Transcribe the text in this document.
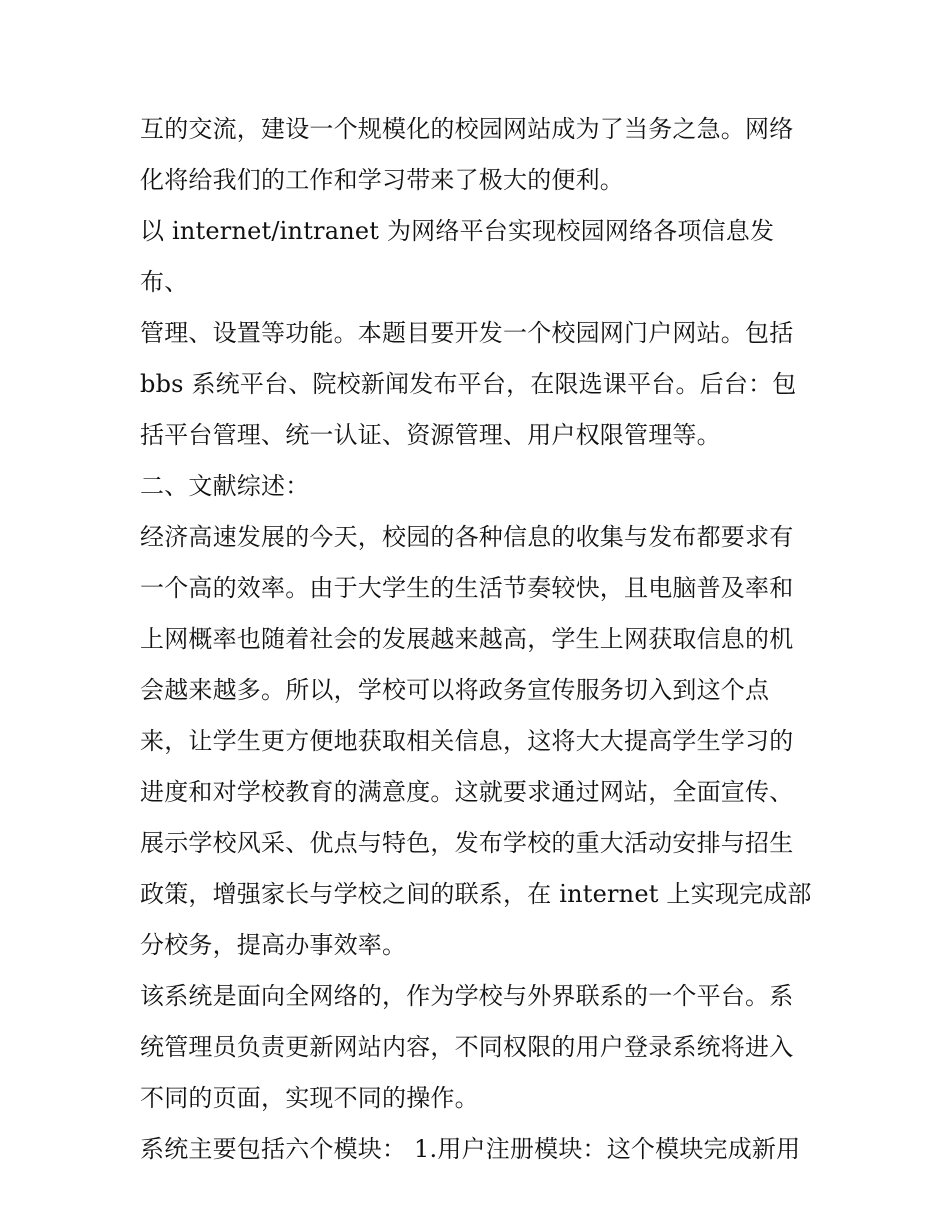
互的交流，建设一个规模化的校园网站成为了当务之急。网络
化将给我们的工作和学习带来了极大的便利。

以 internet/intranet 为网络平台实现校园网络各项信息发布、
管理、设置等功能。本题目要开发一个校园网门户网站。包括
bbs 系统平台、院校新闻发布平台，在限选课平台。后台：包
括平台管理、统一认证、资源管理、用户权限管理等。

二、文献综述：

经济高速发展的今天，校园的各种信息的收集与发布都要求有
一个高的效率。由于大学生的生活节奏较快，且电脑普及率和
上网概率也随着社会的发展越来越高，学生上网获取信息的机
会越来越多。所以，学校可以将政务宣传服务切入到这个点
来，让学生更方便地获取相关信息，这将大大提高学生学习的
进度和对学校教育的满意度。这就要求通过网站，全面宣传、
展示学校风采、优点与特色，发布学校的重大活动安排与招生
政策，增强家长与学校之间的联系，在 internet 上实现完成部
分校务，提高办事效率。

该系统是面向全网络的，作为学校与外界联系的一个平台。系
统管理员负责更新网站内容，不同权限的用户登录系统将进入
不同的页面，实现不同的操作。

系统主要包括六个模块： 1.用户注册模块：这个模块完成新用
